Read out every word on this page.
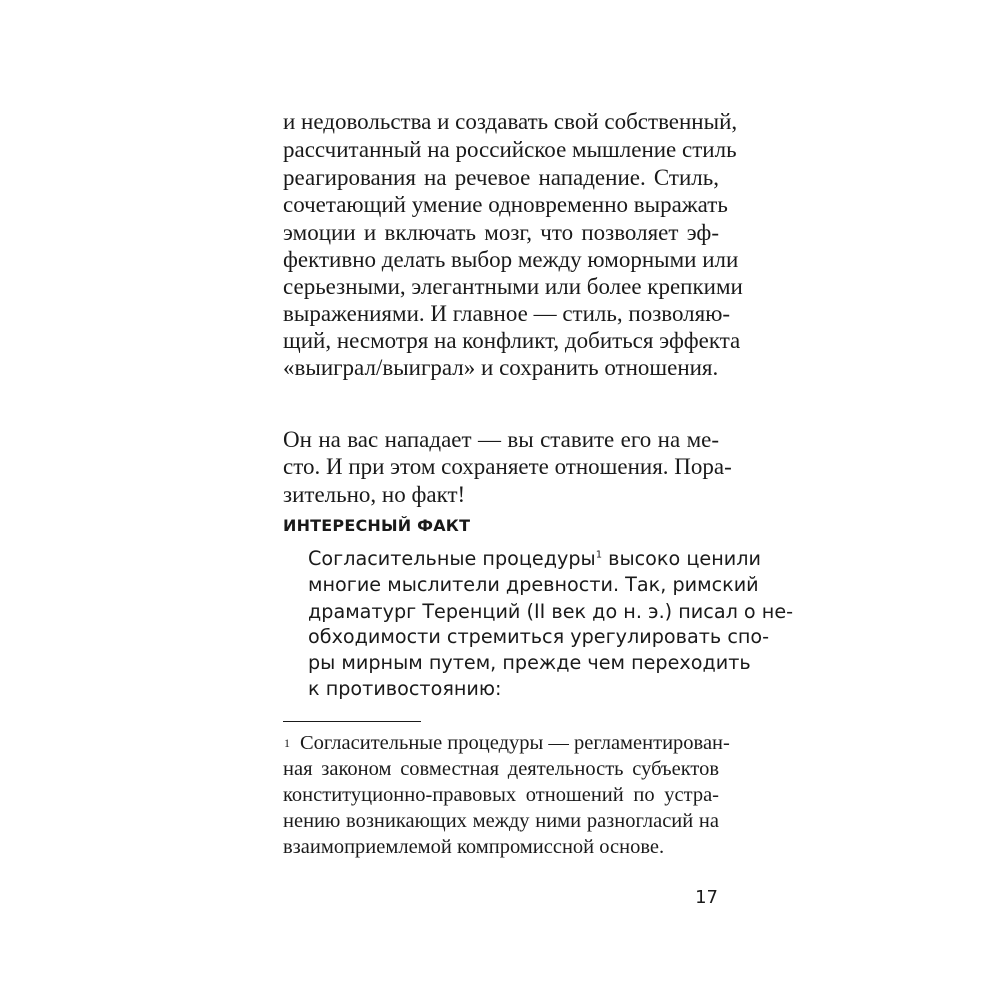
и недовольства и создавать свой собственный,
рассчитанный на российское мышление стиль
реагирования на речевое нападение. Стиль,
сочетающий умение одновременно выражать
эмоции и включать мозг, что позволяет эф-
фективно делать выбор между юморными или
серьезными, элегантными или более крепкими
выражениями. И главное — стиль, позволяю-
щий, несмотря на конфликт, добиться эффекта
«выиграл/выиграл» и сохранить отношения.
Он на вас нападает — вы ставите его на ме-
сто. И при этом сохраняете отношения. Пора-
зительно, но факт!
ИНТЕРЕСНЫЙ ФАКТ
Согласительные процедуры$^1$ высоко ценили
многие мыслители древности. Так, римский
драматург Теренций (II век до н. э.) писал о не-
обходимости стремиться урегулировать спо-
ры мирным путем, прежде чем переходить
к противостоянию:
1 Согласительные процедуры — регламентирован-
ная законом совместная деятельность субъектов
конституционно-правовых отношений по устра-
нению возникающих между ними разногласий на
взаимоприемлемой компромиссной основе.
17
